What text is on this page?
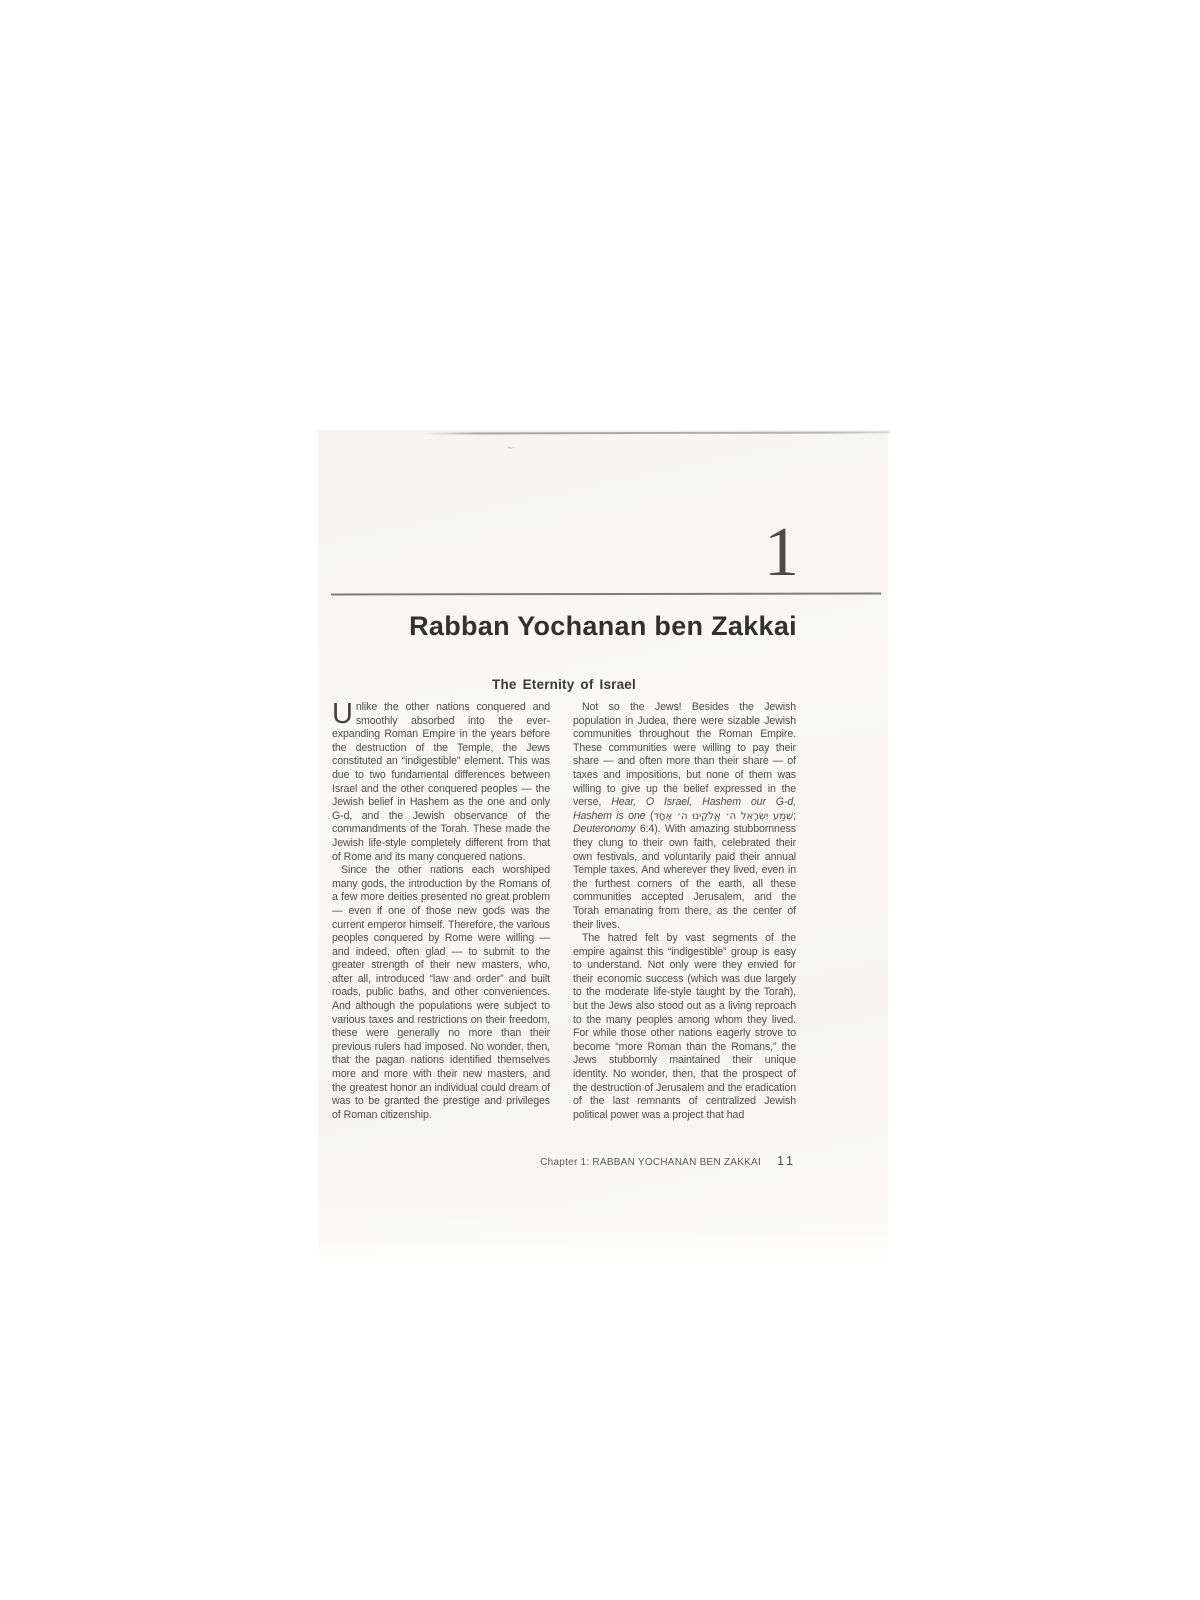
1
Rabban Yochanan ben Zakkai
The Eternity of Israel

Unlike the other nations conquered and smoothly absorbed into the ever-expanding Roman Empire in the years before the destruction of the Temple, the Jews constituted an “indigestible” element. This was due to two fundamental differences between Israel and the other conquered peoples — the Jewish belief in Hashem as the one and only G-d, and the Jewish observance of the commandments of the Torah. These made the Jewish life-style completely different from that of Rome and its many conquered nations.

Since the other nations each worshiped many gods, the introduction by the Romans of a few more deities presented no great problem — even if one of those new gods was the current emperor himself. Therefore, the various peoples conquered by Rome were willing — and indeed, often glad — to submit to the greater strength of their new masters, who, after all, introduced “law and order” and built roads, public baths, and other conveniences. And although the populations were subject to various taxes and restrictions on their freedom, these were generally no more than their previous rulers had imposed. No wonder, then, that the pagan nations identified themselves more and more with their new masters, and the greatest honor an individual could dream of was to be granted the prestige and privileges of Roman citizenship.

Not so the Jews! Besides the Jewish population in Judea, there were sizable Jewish communities throughout the Roman Empire. These communities were willing to pay their share — and often more than their share — of taxes and impositions, but none of them was willing to give up the belief expressed in the verse, Hear, O Israel, Hashem our G-d, Hashem is one (שְׁמַע יִשְׂרָאֵל ה׳ אֱלֹקֵינוּ ה׳ אֶחָד; Deuteronomy 6:4). With amazing stubbornness they clung to their own faith, celebrated their own festivals, and voluntarily paid their annual Temple taxes. And wherever they lived, even in the furthest corners of the earth, all these communities accepted Jerusalem, and the Torah emanating from there, as the center of their lives.

The hatred felt by vast segments of the empire against this “indigestible” group is easy to understand. Not only were they envied for their economic success (which was due largely to the moderate life-style taught by the Torah), but the Jews also stood out as a living reproach to the many peoples among whom they lived. For while those other nations eagerly strove to become “more Roman than the Romans,” the Jews stubbornly maintained their unique identity. No wonder, then, that the prospect of the destruction of Jerusalem and the eradication of the last remnants of centralized Jewish political power was a project that had

Chapter 1: RABBAN YOCHANAN BEN ZAKKAI 11
